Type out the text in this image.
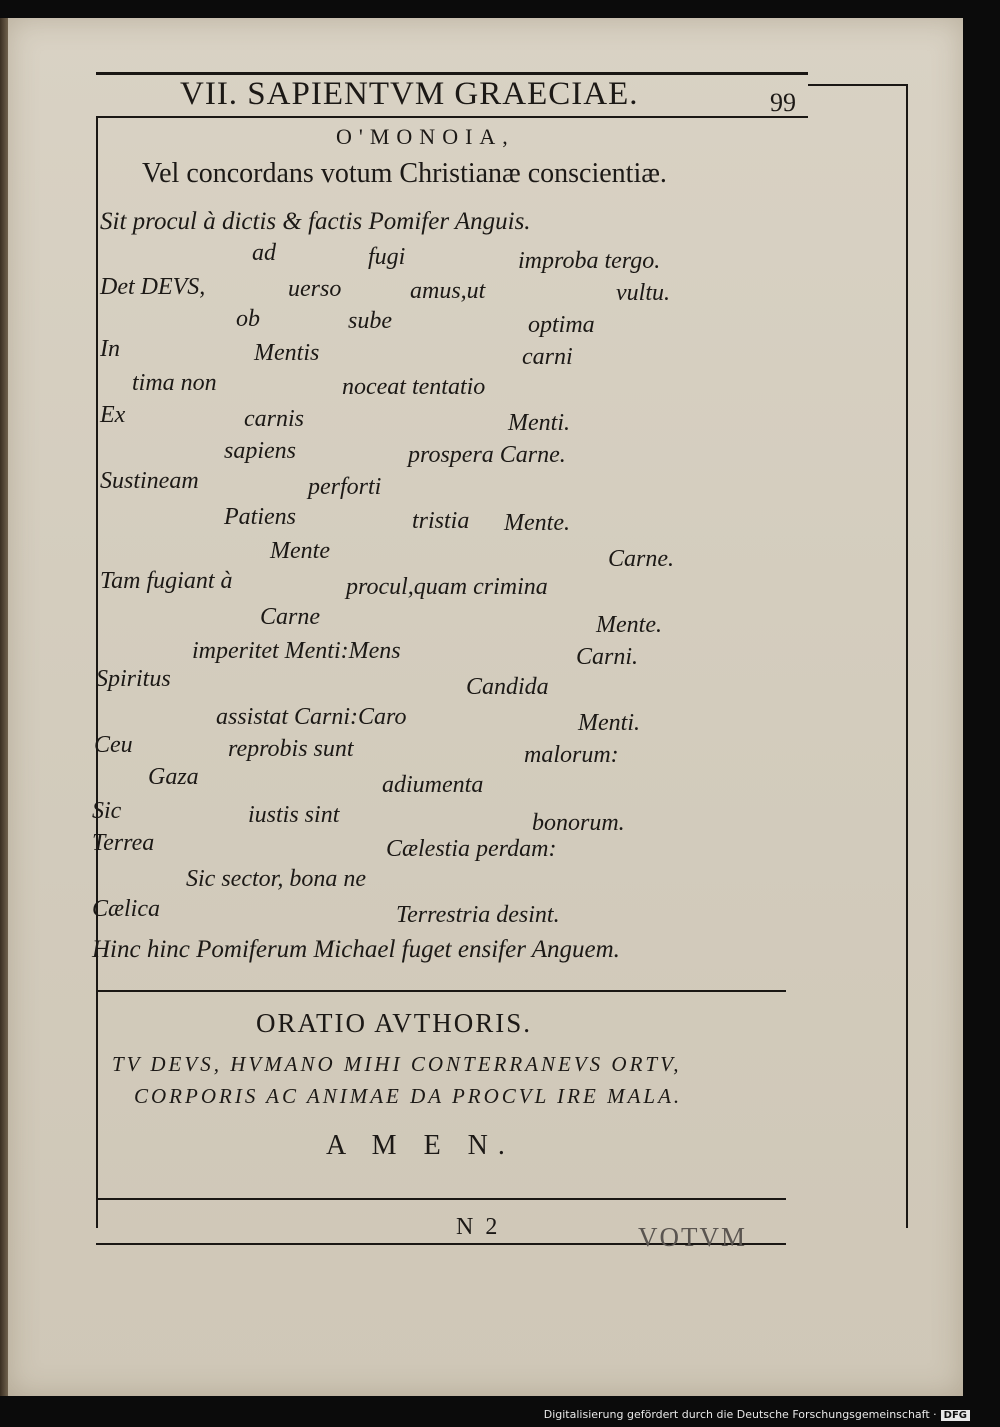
VII. SAPIENTVM GRAECIAE.	99
O'MONOIA,
Vel concordans votum Christianæ conscientiæ.
Sit procul à dictis & factis Pomifer Anguis.
ad	fugi	improba tergo.
Det DEVS,	uerso	amus,ut	vultu.
ob	subе	optima
In	Mentis	carni
tima non	noceat tentatio
Ex	carnis	Menti.
sapiens	prospera Carne.
Sustineam	perforti
Patiens	tristia Mente.
Mente	Carne.
Tam fugiant à	procul,quam crimina
Carne	Mente.
imperitet Menti:Mens	Carni.
Spiritus	Candida
assistat Carni:Caro	Menti.
Ceu	reprobis sunt	malorum:
Gaza	adiumenta
Sic	iustis sint	bonorum.
Terrea	Cælestia perdam:
Sic sector, bona ne
Cælica	Terrestria desint.
Hinc hinc Pomiferum Michael fuget ensifer Anguem.
ORATIO AVTHORIS.
TV DEVS, HVMANO MIHI CONTERRANEVS ORTV,
CORPORIS AC ANIMAE DA PROCVL IRE MALA.
A M E N.
N  2	VOTVM
Digitalisierung gefördert durch die Deutsche Forschungsgemeinschaft · DFG
